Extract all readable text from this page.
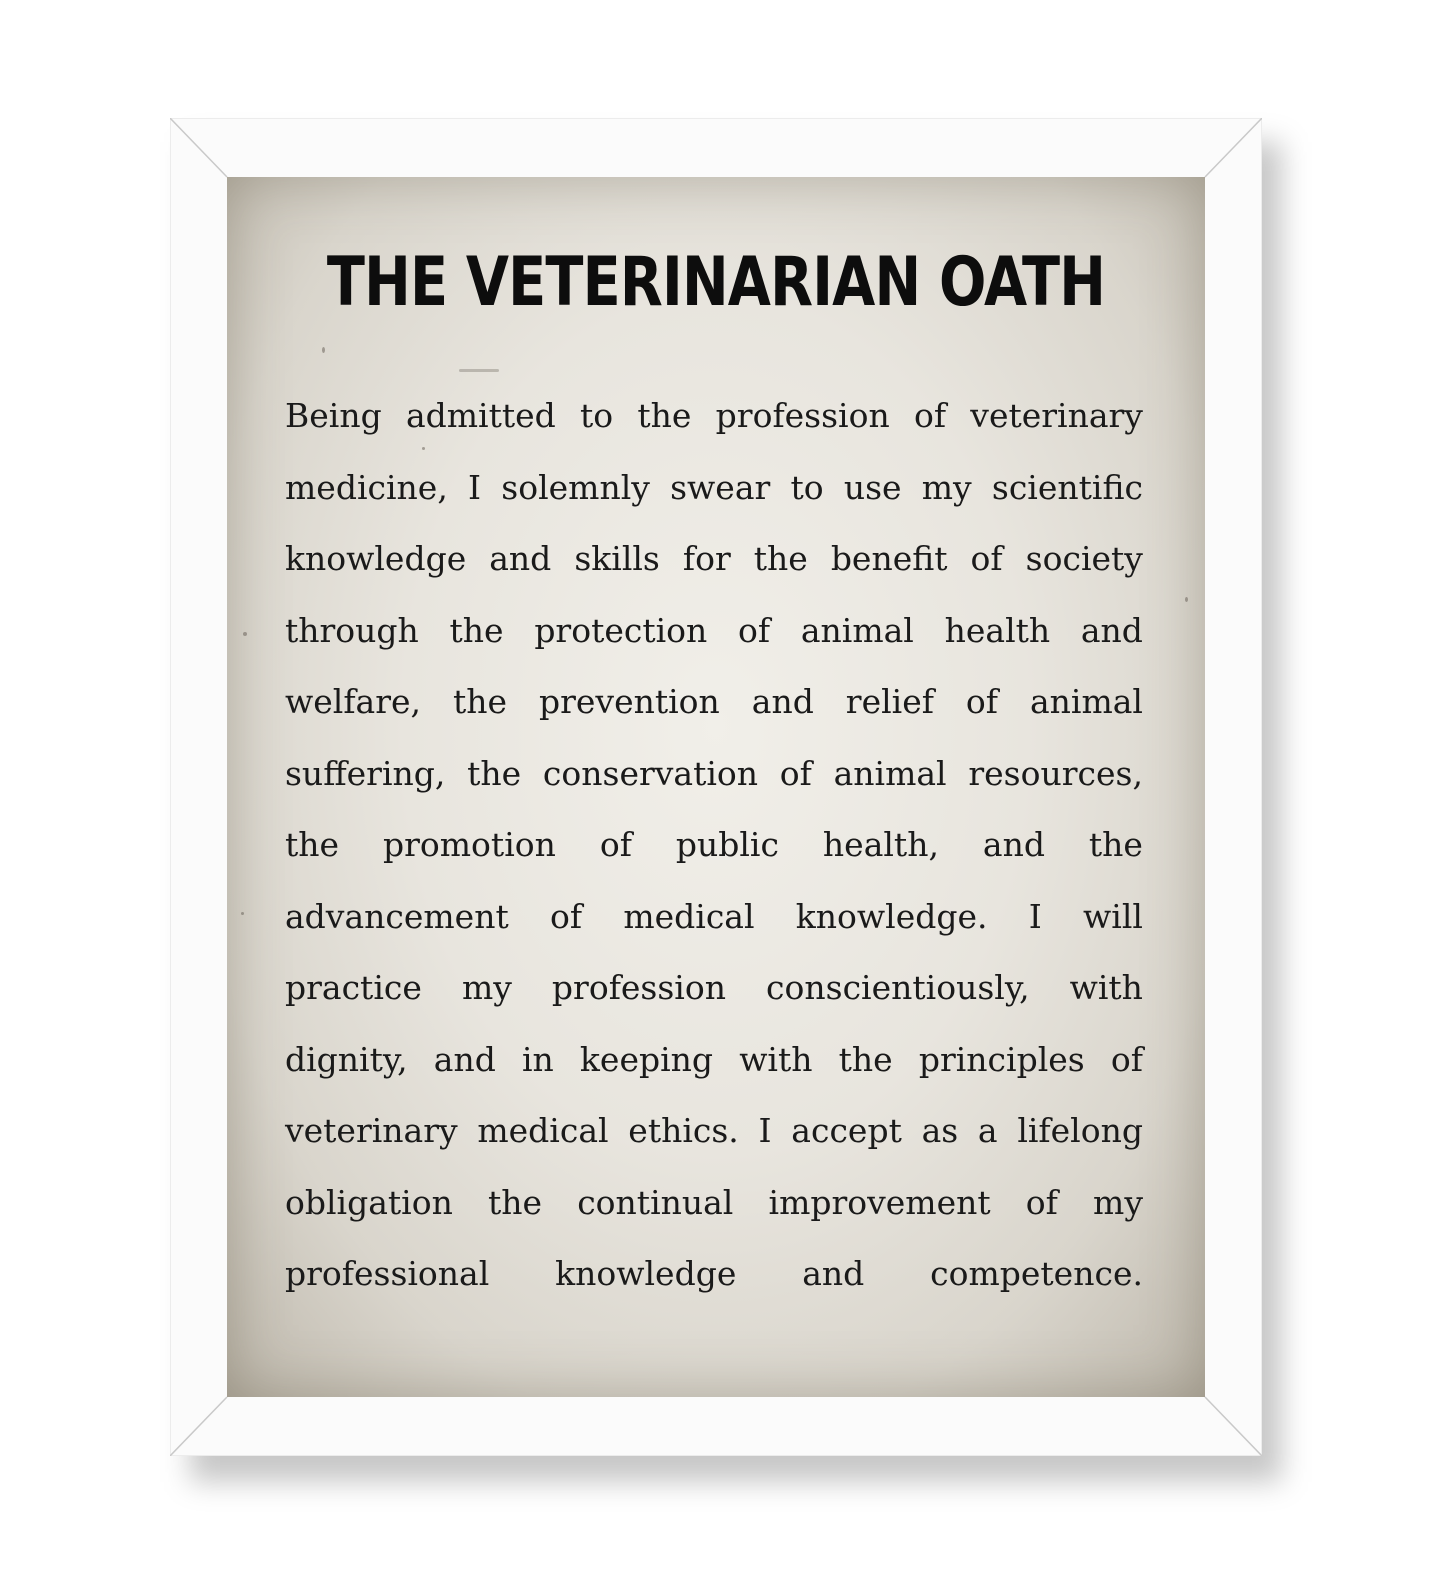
THE VETERINARIAN OATH
Being admitted to the profession of veterinary
medicine, I solemnly swear to use my scientific
knowledge and skills for the benefit of society
through the protection of animal health and
welfare, the prevention and relief of animal
suffering, the conservation of animal resources,
the promotion of public health, and the
advancement of medical knowledge. I will
practice my profession conscientiously, with
dignity, and in keeping with the principles of
veterinary medical ethics. I accept as a lifelong
obligation the continual improvement of my
professional knowledge and competence.
